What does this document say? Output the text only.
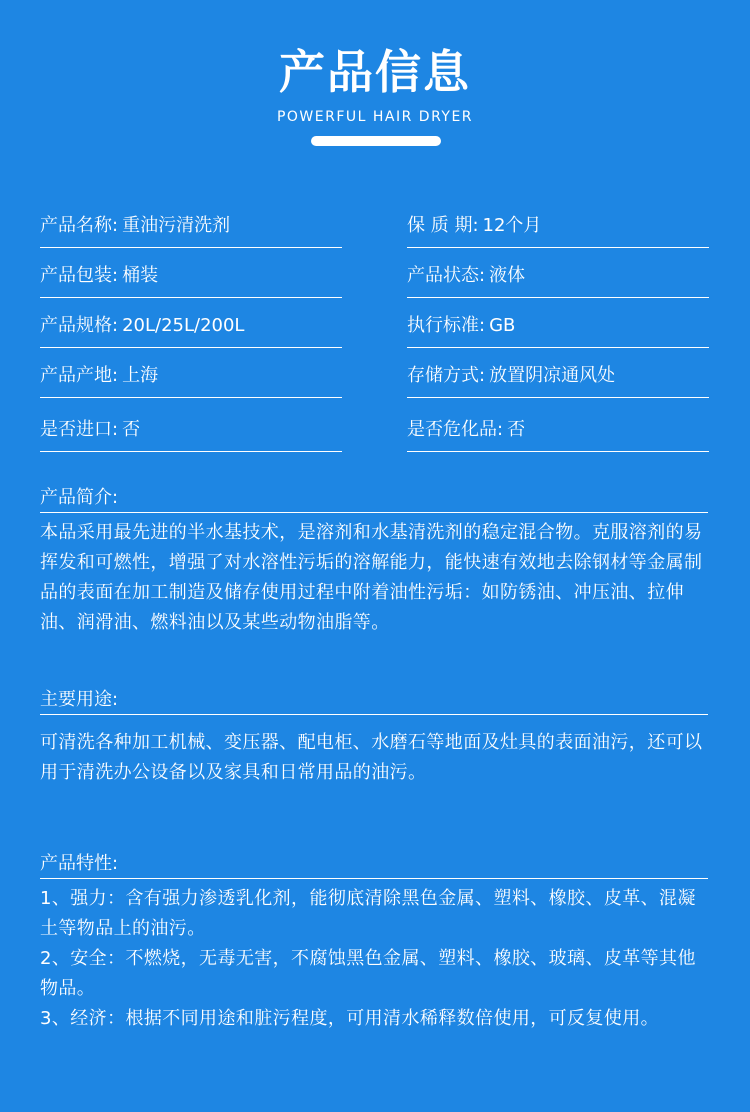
产品信息
POWERFUL HAIR DRYER
产品名称: 重油污清洗剂	保 质 期: 12个月
产品包装: 桶装	产品状态: 液体
产品规格: 20L/25L/200L	执行标准: GB
产品产地: 上海	存储方式: 放置阴凉通风处
是否进口: 否	是否危化品: 否
产品简介:

本品采用最先进的半水基技术，是溶剂和水基清洗剂的稳定混合物。克服溶剂的易挥发和可燃性，增强了对水溶性污垢的溶解能力，能快速有效地去除钢材等金属制品的表面在加工制造及储存使用过程中附着油性污垢：如防锈油、冲压油、拉伸油、润滑油、燃料油以及某些动物油脂等。

主要用途:

可清洗各种加工机械、变压器、配电柜、水磨石等地面及灶具的表面油污，还可以用于清洗办公设备以及家具和日常用品的油污。

产品特性:

1、强力：含有强力渗透乳化剂，能彻底清除黑色金属、塑料、橡胶、皮革、混凝土等物品上的油污。

2、安全：不燃烧，无毒无害，不腐蚀黑色金属、塑料、橡胶、玻璃、皮革等其他物品。

3、经济：根据不同用途和脏污程度，可用清水稀释数倍使用，可反复使用。
